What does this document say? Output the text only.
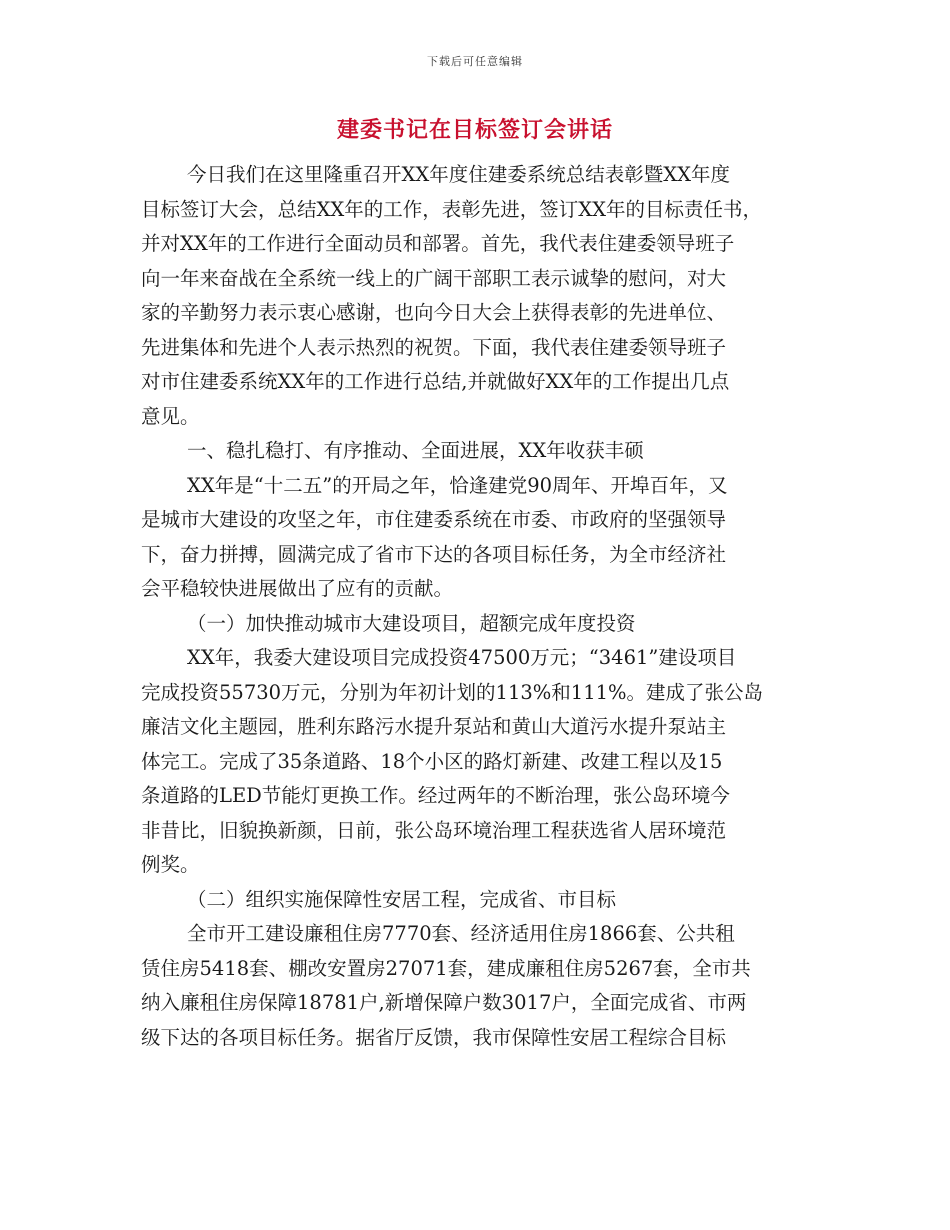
下载后可任意编辑
建委书记在目标签订会讲话
今日我们在这里隆重召开XX年度住建委系统总结表彰暨XX年度
目标签订大会，总结XX年的工作，表彰先进，签订XX年的目标责任书，
并对XX年的工作进行全面动员和部署。首先，我代表住建委领导班子
向一年来奋战在全系统一线上的广阔干部职工表示诚挚的慰问，对大
家的辛勤努力表示衷心感谢，也向今日大会上获得表彰的先进单位、
先进集体和先进个人表示热烈的祝贺。下面，我代表住建委领导班子
对市住建委系统XX年的工作进行总结,并就做好XX年的工作提出几点
意见。
一、稳扎稳打、有序推动、全面进展，XX年收获丰硕
XX年是“十二五”的开局之年，恰逢建党90周年、开埠百年，又
是城市大建设的攻坚之年，市住建委系统在市委、市政府的坚强领导
下，奋力拼搏，圆满完成了省市下达的各项目标任务，为全市经济社
会平稳较快进展做出了应有的贡献。
（一）加快推动城市大建设项目，超额完成年度投资
XX年，我委大建设项目完成投资47500万元；“3461”建设项目
完成投资55730万元，分别为年初计划的113%和111%。建成了张公岛
廉洁文化主题园，胜利东路污水提升泵站和黄山大道污水提升泵站主
体完工。完成了35条道路、18个小区的路灯新建、改建工程以及15
条道路的LED节能灯更换工作。经过两年的不断治理，张公岛环境今
非昔比，旧貌换新颜，日前，张公岛环境治理工程获选省人居环境范
例奖。
（二）组织实施保障性安居工程，完成省、市目标
全市开工建设廉租住房7770套、经济适用住房1866套、公共租
赁住房5418套、棚改安置房27071套，建成廉租住房5267套，全市共
纳入廉租住房保障18781户,新增保障户数3017户，全面完成省、市两
级下达的各项目标任务。据省厅反馈，我市保障性安居工程综合目标
